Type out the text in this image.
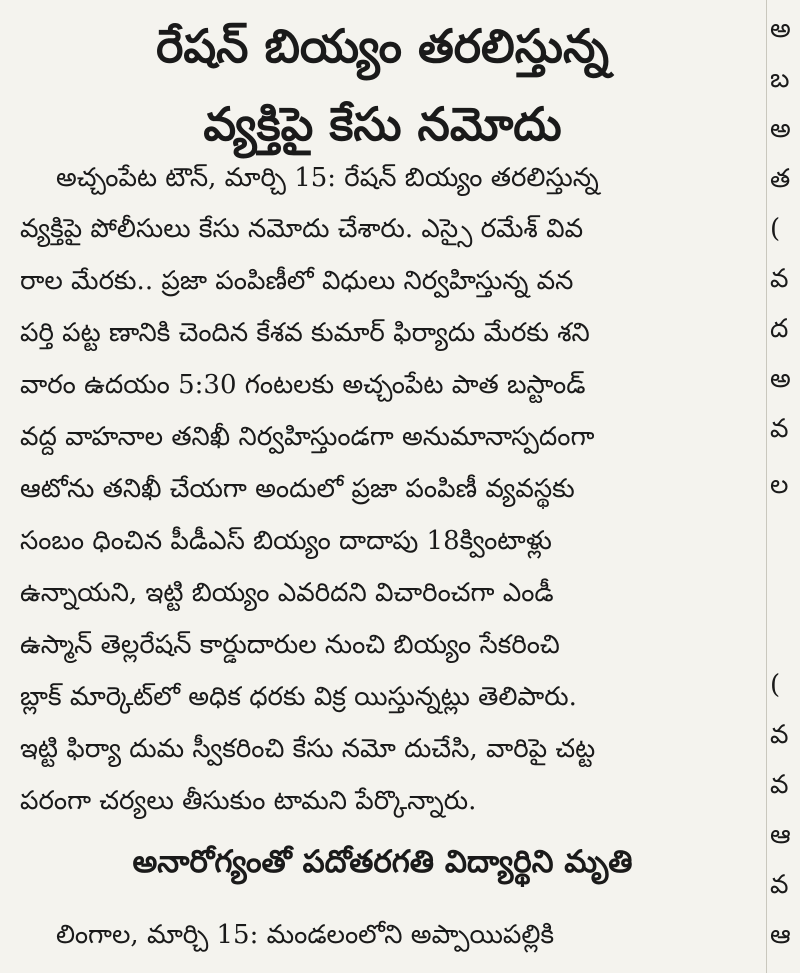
రేషన్ బియ్యం తరలిస్తున్న
వ్యక్తిపై కేసు నమోదు
అచ్చంపేట టౌన్, మార్చి 15: రేషన్ బియ్యం తరలిస్తున్న
వ్యక్తిపై పోలీసులు కేసు నమోదు చేశారు. ఎస్సై రమేశ్ వివ
రాల మేరకు.. ప్రజా పంపిణీలో విధులు నిర్వహిస్తున్న వన
పర్తి పట్ట ణానికి చెందిన కేశవ కుమార్ ఫిర్యాదు మేరకు శని
వారం ఉదయం 5:30 గంటలకు అచ్చంపేట పాత బస్టాండ్
వద్ద వాహనాల తనిఖీ నిర్వహిస్తుండగా అనుమానాస్పదంగా
ఆటోను తనిఖీ చేయగా అందులో ప్రజా పంపిణీ వ్యవస్థకు
సంబం ధించిన పీడీఎస్ బియ్యం దాదాపు 18క్వింటాళ్లు
ఉన్నాయని, ఇట్టి బియ్యం ఎవరిదని విచారించగా ఎండీ
ఉస్మాన్ తెల్లరేషన్ కార్డుదారుల నుంచి బియ్యం సేకరించి
బ్లాక్ మార్కెట్‌లో అధిక ధరకు విక్ర యిస్తున్నట్లు తెలిపారు.
ఇట్టి ఫిర్యా దుమ స్వీకరించి కేసు నమో దుచేసి, వారిపై చట్ట
పరంగా చర్యలు తీసుకుం టామని పేర్కొన్నారు.
అనారోగ్యంతో పదోతరగతి విద్యార్థిని మృతి
లింగాల, మార్చి 15: మండలంలోని అప్పాయిపల్లికి
అ
బ
అ
త
(
వ
ద
అ
వ
ల
(
వ
వ
ఆ
వ
ఆ
